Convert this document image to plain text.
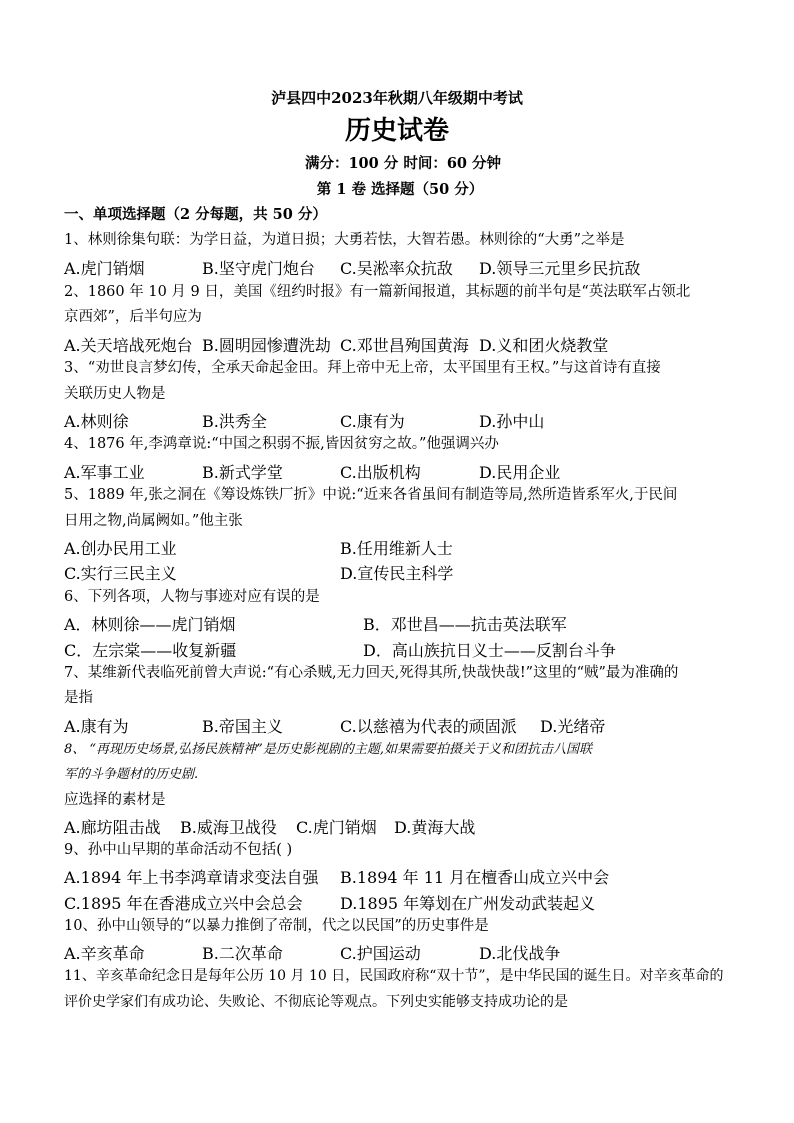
泸县四中2023年秋期八年级期中考试
历史试卷
满分：100 分 时间：60 分钟
第 1 卷 选择题（50 分）
一、单项选择题（2 分每题，共 50 分）
1、林则徐集句联：为学日益，为道日损；大勇若怯，大智若愚。林则徐的“大勇”之举是
A.虎门销烟	B.坚守虎门炮台 C.吴淞率众抗敌 D.领导三元里乡民抗敌
2、1860 年 10 月 9 日，美国《纽约时报》有一篇新闻报道，其标题的前半句是“英法联军占领北
京西郊”，后半句应为
A.关天培战死炮台 B.圆明园惨遭洗劫 C.邓世昌殉国黄海 D.义和团火烧教堂
3、“劝世良言梦幻传，全承天命起金田。拜上帝中无上帝，太平国里有王权。”与这首诗有直接
关联历史人物是
A.林则徐	B.洪秀全	C.康有为	D.孙中山
4、1876 年,李鸿章说:“中国之积弱不振,皆因贫穷之故。”他强调兴办
A.军事工业	B.新式学堂	C.出版机构	D.民用企业
5、1889 年,张之洞在《筹设炼铁厂折》中说:“近来各省虽间有制造等局,然所造皆系军火,于民间
日用之物,尚属阙如。”他主张
A.创办民用工业	B.任用维新人士
C.实行三民主义	D.宣传民主科学
6、下列各项，人物与事迹对应有误的是
A．林则徐——虎门销烟	B．邓世昌——抗击英法联军
C．左宗棠——收复新疆	D．高山族抗日义士——反割台斗争
7、某维新代表临死前曾大声说:“有心杀贼,无力回天,死得其所,快哉快哉!”这里的“贼”最为准确的
是指
A.康有为	B.帝国主义	C.以慈禧为代表的顽固派 D.光绪帝
8、 “再现历史场景,弘扬民族精神”是历史影视剧的主题,如果需要拍摄关于义和团抗击八国联
军的斗争题材的历史剧.
应选择的素材是
A.廊坊阻击战 B.威海卫战役 C.虎门销烟 D.黄海大战
9、孙中山早期的革命活动不包括( )
A.1894 年上书李鸿章请求变法自强 B.1894 年 11 月在檀香山成立兴中会
C.1895 年在香港成立兴中会总会 D.1895 年筹划在广州发动武装起义
10、孙中山领导的“以暴力推倒了帝制，代之以民国”的历史事件是
A.辛亥革命	B.二次革命	C.护国运动	D.北伐战争
11、辛亥革命纪念日是每年公历 10 月 10 日，民国政府称“双十节”，是中华民国的诞生日。对辛亥革命的
评价史学家们有成功论、失败论、不彻底论等观点。下列史实能够支持成功论的是
